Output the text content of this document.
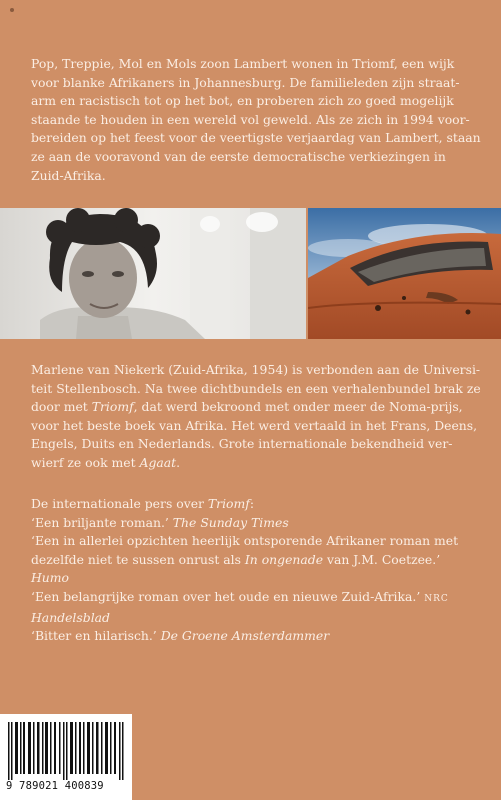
Pop, Treppie, Mol en Mols zoon Lambert wonen in Triomf, een wijk voor blanke Afrikaners in Johannesburg. De familieleden zijn straat-arm en racistisch tot op het bot, en proberen zich zo goed mogelijk staande te houden in een wereld vol geweld. Als ze zich in 1994 voor-bereiden op het feest voor de veertigste verjaardag van Lambert, staan ze aan de vooravond van de eerste democratische verkiezingen in Zuid-Afrika.

Marlene van Niekerk (Zuid-Afrika, 1954) is verbonden aan de Universi-teit Stellenbosch. Na twee dichtbundels en een verhalenbundel brak ze door met Triomf, dat werd bekroond met onder meer de Noma-prijs, voor het beste boek van Afrika. Het werd vertaald in het Frans, Deens, Engels, Duits en Nederlands. Grote internationale bekendheid ver-wierf ze ook met Agaat.

De internationale pers over Triomf:

‘Een briljante roman.’ The Sunday Times

‘Een in allerlei opzichten heerlijk ontsporende Afrikaner roman met dezelfde niet te sussen onrust als In ongenade van J.M. Coetzee.’ Humo

‘Een belangrijke roman over het oude en nieuwe Zuid-Afrika.’ NRC
Handelsblad

‘Bitter en hilarisch.’ De Groene Amsterdammer

9 789021 400839
